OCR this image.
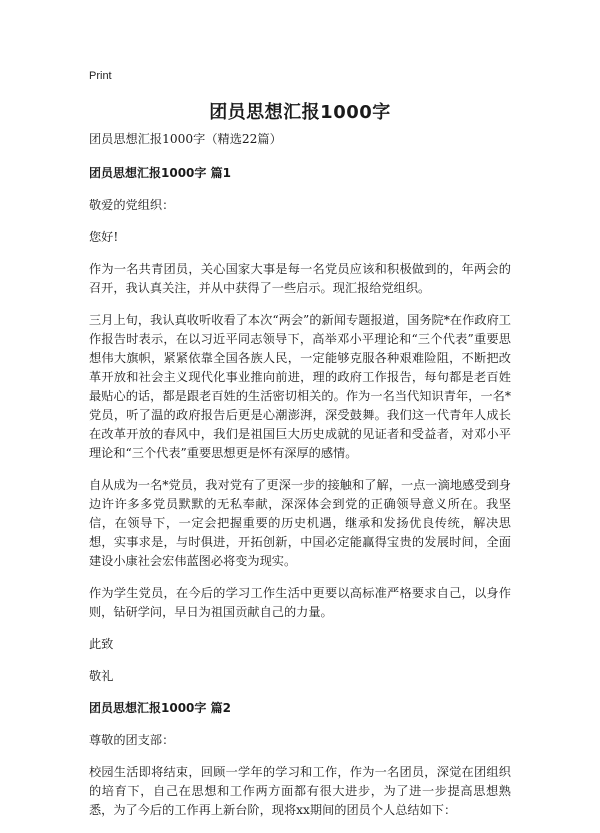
Print
团员思想汇报1000字

团员思想汇报1000字（精选22篇）

团员思想汇报1000字 篇1

敬爱的党组织：

您好!

作为一名共青团员，关心国家大事是每一名党员应该和积极做到的，年两会的召开，我认真关注，并从中获得了一些启示。现汇报给党组织。

三月上旬，我认真收听收看了本次“两会”的新闻专题报道，国务院*在作政府工作报告时表示，在以习近平同志领导下，高举邓小平理论和“三个代表”重要思想伟大旗帜，紧紧依靠全国各族人民，一定能够克服各种艰难险阻，不断把改革开放和社会主义现代化事业推向前进，理的政府工作报告，每句都是老百姓最贴心的话，都是跟老百姓的生活密切相关的。作为一名当代知识青年，一名*党员，听了温的政府报告后更是心潮澎湃，深受鼓舞。我们这一代青年人成长在改革开放的春风中，我们是祖国巨大历史成就的见证者和受益者，对邓小平理论和“三个代表”重要思想更是怀有深厚的感情。

自从成为一名*党员，我对党有了更深一步的接触和了解，一点一滴地感受到身边许许多多党员默默的无私奉献，深深体会到党的正确领导意义所在。我坚信，在领导下，一定会把握重要的历史机遇，继承和发扬优良传统，解决思想，实事求是，与时俱进，开拓创新，中国必定能赢得宝贵的发展时间，全面建设小康社会宏伟蓝图必将变为现实。

作为学生党员，在今后的学习工作生活中更要以高标准严格要求自己，以身作则，钻研学问，早日为祖国贡献自己的力量。

此致

敬礼

团员思想汇报1000字 篇2

尊敬的团支部：

校园生活即将结束，回顾一学年的学习和工作，作为一名团员，深觉在团组织的培育下，自己在思想和工作两方面都有很大进步，为了进一步提高思想熟悉，为了今后的工作再上新台阶，现将xx期间的团员个人总结如下：
